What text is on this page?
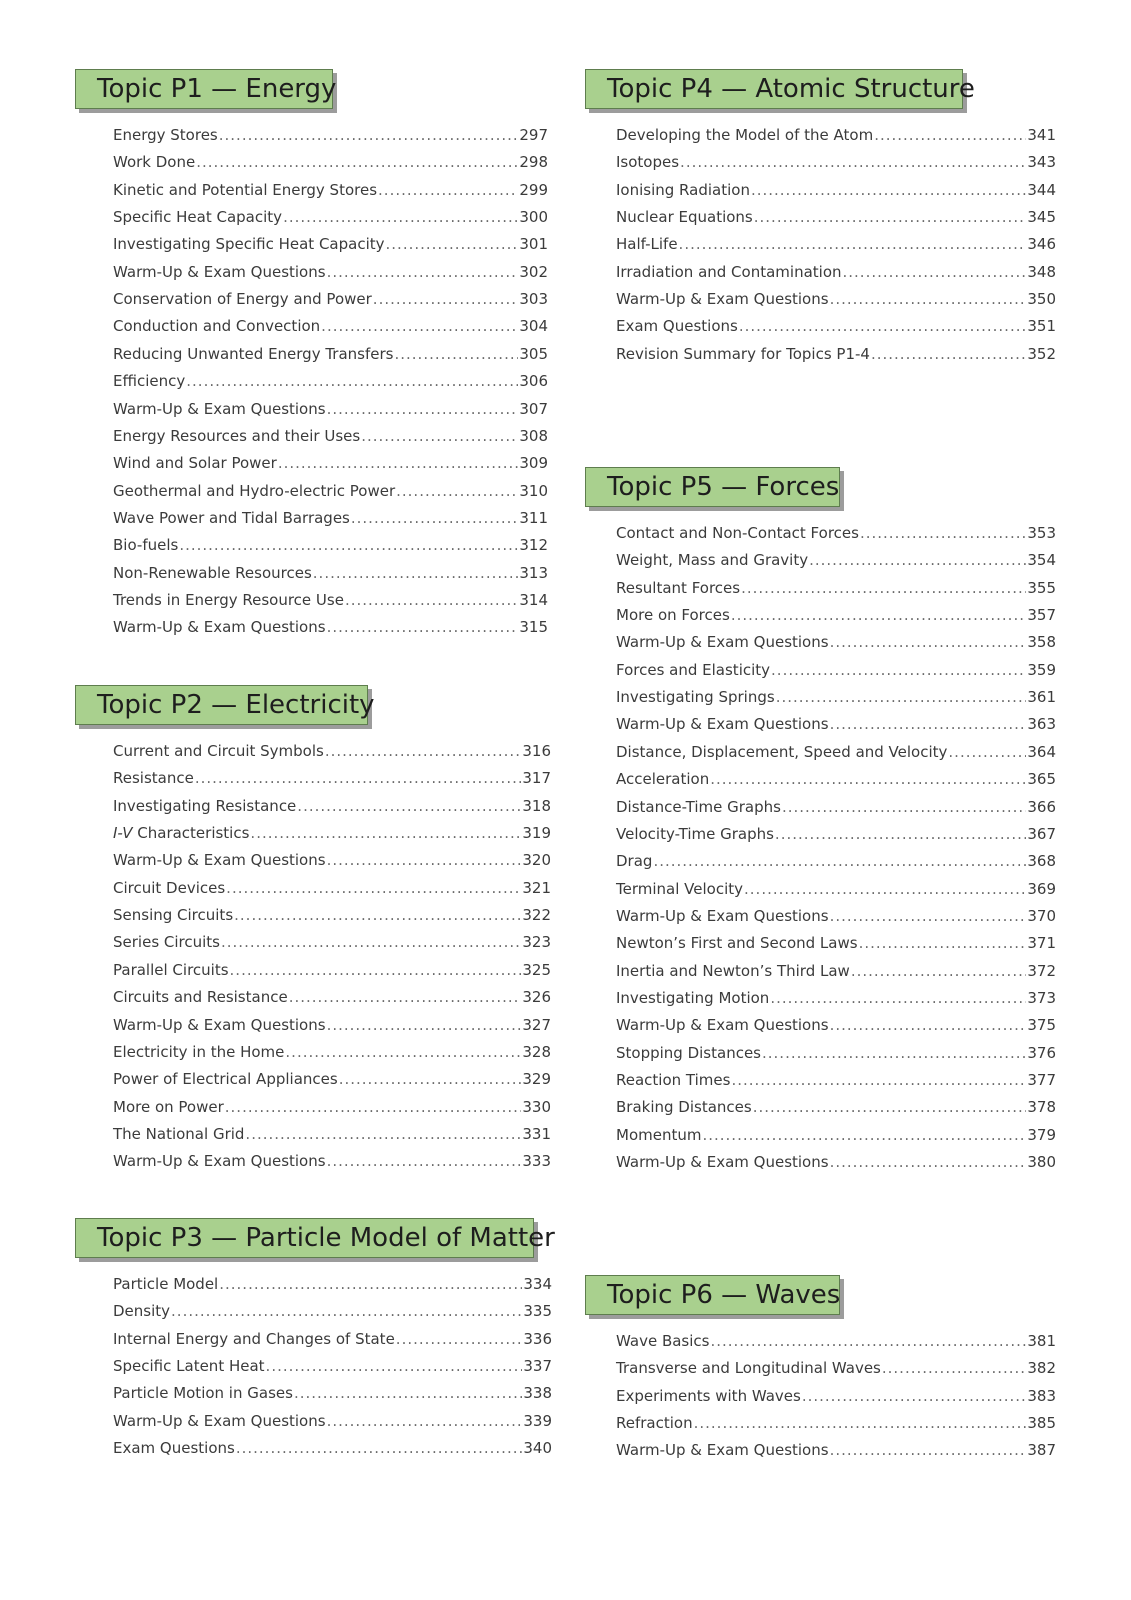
Topic P1 — Energy
Energy Stores .....	297
Work Done .....	298
Kinetic and Potential Energy Stores .....	299
Specific Heat Capacity .....	300
Investigating Specific Heat Capacity .....	301
Warm-Up & Exam Questions .....	302
Conservation of Energy and Power .....	303
Conduction and Convection .....	304
Reducing Unwanted Energy Transfers .....	305
Efficiency .....	306
Warm-Up & Exam Questions .....	307
Energy Resources and their Uses .....	308
Wind and Solar Power .....	309
Geothermal and Hydro-electric Power .....	310
Wave Power and Tidal Barrages .....	311
Bio-fuels .....	312
Non-Renewable Resources .....	313
Trends in Energy Resource Use .....	314
Warm-Up & Exam Questions .....	315
Topic P2 — Electricity
Current and Circuit Symbols .....	316
Resistance .....	317
Investigating Resistance .....	318
I-V Characteristics .....	319
Warm-Up & Exam Questions .....	320
Circuit Devices .....	321
Sensing Circuits .....	322
Series Circuits .....	323
Parallel Circuits .....	325
Circuits and Resistance .....	326
Warm-Up & Exam Questions .....	327
Electricity in the Home .....	328
Power of Electrical Appliances .....	329
More on Power .....	330
The National Grid .....	331
Warm-Up & Exam Questions .....	333
Topic P3 — Particle Model of Matter
Particle Model .....	334
Density .....	335
Internal Energy and Changes of State .....	336
Specific Latent Heat .....	337
Particle Motion in Gases .....	338
Warm-Up & Exam Questions .....	339
Exam Questions .....	340
Topic P4 — Atomic Structure
Developing the Model of the Atom .....	341
Isotopes .....	343
Ionising Radiation .....	344
Nuclear Equations .....	345
Half-Life .....	346
Irradiation and Contamination .....	348
Warm-Up & Exam Questions .....	350
Exam Questions .....	351
Revision Summary for Topics P1-4 .....	352
Topic P5 — Forces
Contact and Non-Contact Forces .....	353
Weight, Mass and Gravity .....	354
Resultant Forces .....	355
More on Forces .....	357
Warm-Up & Exam Questions .....	358
Forces and Elasticity .....	359
Investigating Springs .....	361
Warm-Up & Exam Questions .....	363
Distance, Displacement, Speed and Velocity .....	364
Acceleration .....	365
Distance-Time Graphs .....	366
Velocity-Time Graphs .....	367
Drag .....	368
Terminal Velocity .....	369
Warm-Up & Exam Questions .....	370
Newton’s First and Second Laws .....	371
Inertia and Newton’s Third Law .....	372
Investigating Motion .....	373
Warm-Up & Exam Questions .....	375
Stopping Distances .....	376
Reaction Times .....	377
Braking Distances .....	378
Momentum .....	379
Warm-Up & Exam Questions .....	380
Topic P6 — Waves
Wave Basics .....	381
Transverse and Longitudinal Waves .....	382
Experiments with Waves .....	383
Refraction .....	385
Warm-Up & Exam Questions .....	387
